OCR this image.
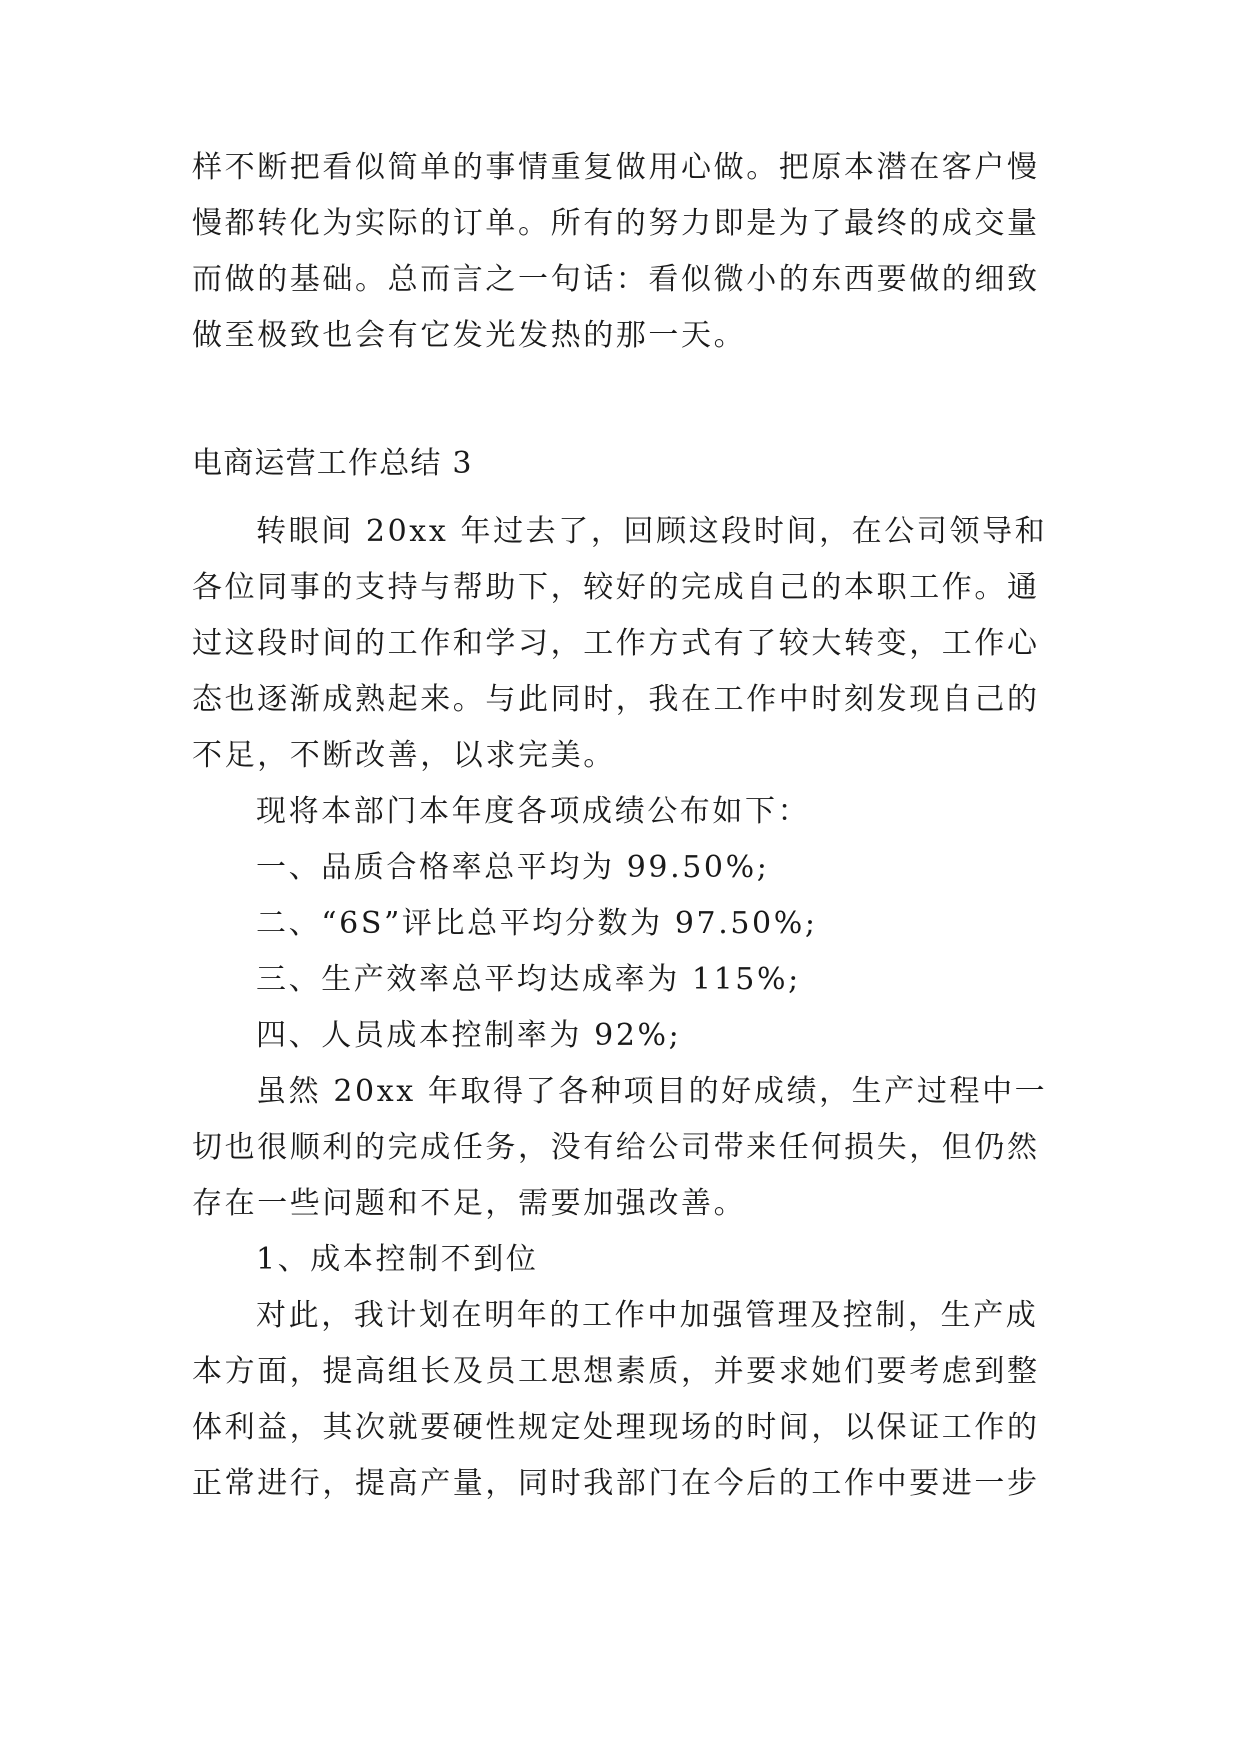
样不断把看似简单的事情重复做用心做。把原本潜在客户慢
慢都转化为实际的订单。所有的努力即是为了最终的成交量
而做的基础。总而言之一句话：看似微小的东西要做的细致
做至极致也会有它发光发热的那一天。
电商运营工作总结 3
转眼间 20xx 年过去了，回顾这段时间，在公司领导和
各位同事的支持与帮助下，较好的完成自己的本职工作。通
过这段时间的工作和学习，工作方式有了较大转变，工作心
态也逐渐成熟起来。与此同时，我在工作中时刻发现自己的
不足，不断改善，以求完美。
现将本部门本年度各项成绩公布如下：
一、品质合格率总平均为 99.50%;
二、“6S”评比总平均分数为 97.50%;
三、生产效率总平均达成率为 115%;
四、人员成本控制率为 92%;
虽然 20xx 年取得了各种项目的好成绩，生产过程中一
切也很顺利的完成任务，没有给公司带来任何损失，但仍然
存在一些问题和不足，需要加强改善。
1、成本控制不到位
对此，我计划在明年的工作中加强管理及控制，生产成
本方面，提高组长及员工思想素质，并要求她们要考虑到整
体利益，其次就要硬性规定处理现场的时间，以保证工作的
正常进行，提高产量，同时我部门在今后的工作中要进一步
